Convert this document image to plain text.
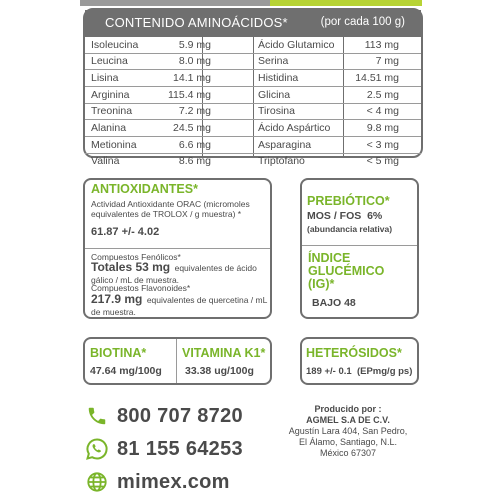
CONTENIDO AMINOÁCIDOS*	(por cada 100 g)
Isoleucina	5.9 mg	Ácido Glutamico	113 mg
Leucina	8.0 mg	Serina	7 mg
Lisina	14.1 mg	Histidina	14.51 mg
Arginina	115.4 mg	Glicina	2.5 mg
Treonina	7.2 mg	Tirosina	< 4 mg
Alanina	24.5 mg	Ácido Aspártico	9.8 mg
Metionina	6.6 mg	Asparagina	< 3 mg
Valina	8.6 mg	Triptofano	< 5 mg
ANTIOXIDANTES*
Actividad Antioxidante ORAC (micromoles equivalentes de TROLOX / g muestra) *
61.87 +/- 4.02
Compuestos Fenólicos*
Totales 53 mg equivalentes de ácido gálico / mL de muestra.
Compuestos Flavonoides*
217.9 mg equivalentes de quercetina / mL de muestra.
PREBIÓTICO*
MOS / FOS  6%
(abundancia relativa)
ÍNDICE
GLUCÉMICO
(IG)*
BAJO 48
BIOTINA*
47.64 mg/100g
VITAMINA K1*
33.38 ug/100g
HETERÓSIDOS*
189 +/- 0.1  (EPmg/g ps)
800 707 8720
81 155 64253
mimex.com
Producido por :
AGMEL S.A DE C.V.
Agustín Lara 404, San Pedro,
El Álamo, Santiago, N.L.
México 67307
